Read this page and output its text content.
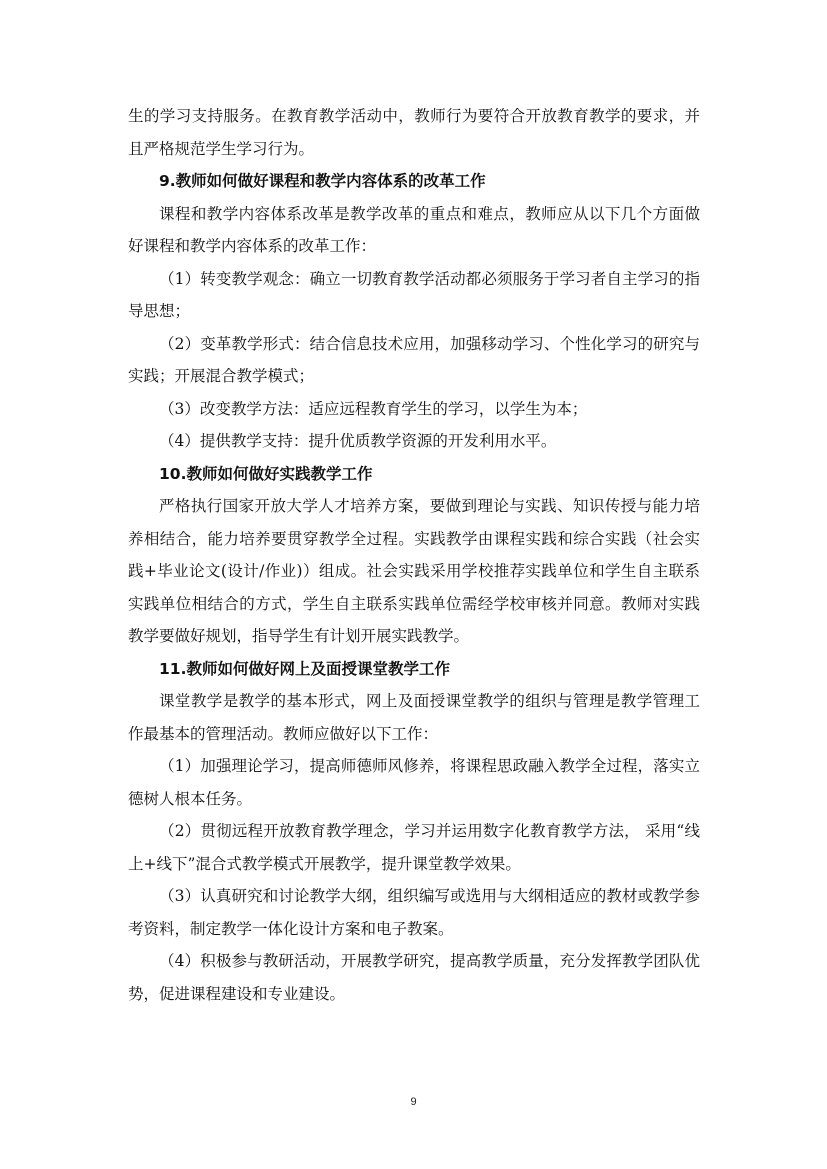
生的学习支持服务。在教育教学活动中，教师行为要符合开放教育教学的要求，并且严格规范学生学习行为。

9.教师如何做好课程和教学内容体系的改革工作

课程和教学内容体系改革是教学改革的重点和难点，教师应从以下几个方面做好课程和教学内容体系的改革工作：

（1）转变教学观念：确立一切教育教学活动都必须服务于学习者自主学习的指导思想；

（2）变革教学形式：结合信息技术应用，加强移动学习、个性化学习的研究与实践；开展混合教学模式；

（3）改变教学方法：适应远程教育学生的学习，以学生为本；

（4）提供教学支持：提升优质教学资源的开发利用水平。

10.教师如何做好实践教学工作

严格执行国家开放大学人才培养方案，要做到理论与实践、知识传授与能力培养相结合，能力培养要贯穿教学全过程。实践教学由课程实践和综合实践（社会实践+毕业论文(设计/作业)）组成。社会实践采用学校推荐实践单位和学生自主联系实践单位相结合的方式，学生自主联系实践单位需经学校审核并同意。教师对实践教学要做好规划，指导学生有计划开展实践教学。

11.教师如何做好网上及面授课堂教学工作

课堂教学是教学的基本形式，网上及面授课堂教学的组织与管理是教学管理工作最基本的管理活动。教师应做好以下工作：

（1）加强理论学习，提高师德师风修养，将课程思政融入教学全过程，落实立德树人根本任务。

（2）贯彻远程开放教育教学理念，学习并运用数字化教育教学方法， 采用“线上+线下”混合式教学模式开展教学，提升课堂教学效果。

（3）认真研究和讨论教学大纲，组织编写或选用与大纲相适应的教材或教学参考资料，制定教学一体化设计方案和电子教案。

（4）积极参与教研活动，开展教学研究，提高教学质量，充分发挥教学团队优势，促进课程建设和专业建设。

9
